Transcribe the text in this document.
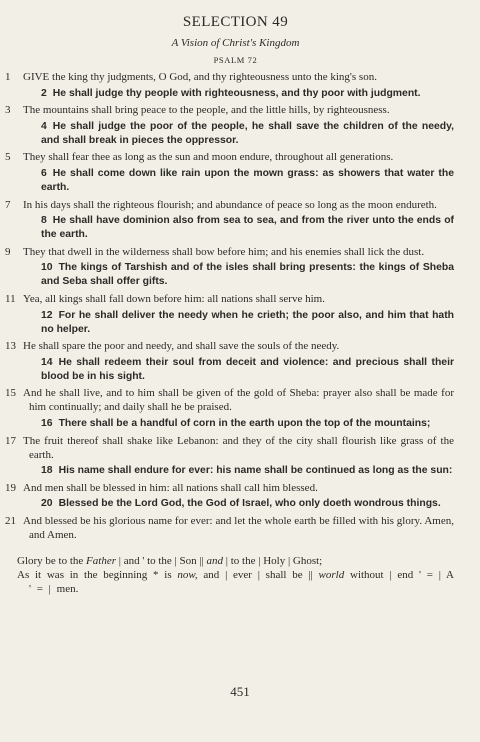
SELECTION 49
A Vision of Christ's Kingdom
PSALM 72
1 GIVE the king thy judgments, O God, and thy righteousness unto the king's son.
2 He shall judge thy people with righteousness, and thy poor with judgment.
3 The mountains shall bring peace to the people, and the little hills, by righteousness.
4 He shall judge the poor of the people, he shall save the children of the needy, and shall break in pieces the oppressor.
5 They shall fear thee as long as the sun and moon endure, throughout all generations.
6 He shall come down like rain upon the mown grass: as showers that water the earth.
7 In his days shall the righteous flourish; and abundance of peace so long as the moon endureth.
8 He shall have dominion also from sea to sea, and from the river unto the ends of the earth.
9 They that dwell in the wilderness shall bow before him; and his enemies shall lick the dust.
10 The kings of Tarshish and of the isles shall bring presents: the kings of Sheba and Seba shall offer gifts.
11 Yea, all kings shall fall down before him: all nations shall serve him.
12 For he shall deliver the needy when he crieth; the poor also, and him that hath no helper.
13 He shall spare the poor and needy, and shall save the souls of the needy.
14 He shall redeem their soul from deceit and violence: and precious shall their blood be in his sight.
15 And he shall live, and to him shall be given of the gold of Sheba: prayer also shall be made for him continually; and daily shall he be praised.
16 There shall be a handful of corn in the earth upon the top of the mountains;
17 The fruit thereof shall shake like Lebanon: and they of the city shall flourish like grass of the earth.
18 His name shall endure for ever: his name shall be continued as long as the sun:
19 And men shall be blessed in him: all nations shall call him blessed.
20 Blessed be the Lord God, the God of Israel, who only doeth wondrous things.
21 And blessed be his glorious name for ever: and let the whole earth be filled with his glory. Amen, and Amen.
Glory be to the Father | and ' to the | Son || and | to the | Holy | Ghost;
As it was in the beginning * is now, and | ever | shall be || world without | end ' = | A ' = | men.
451
